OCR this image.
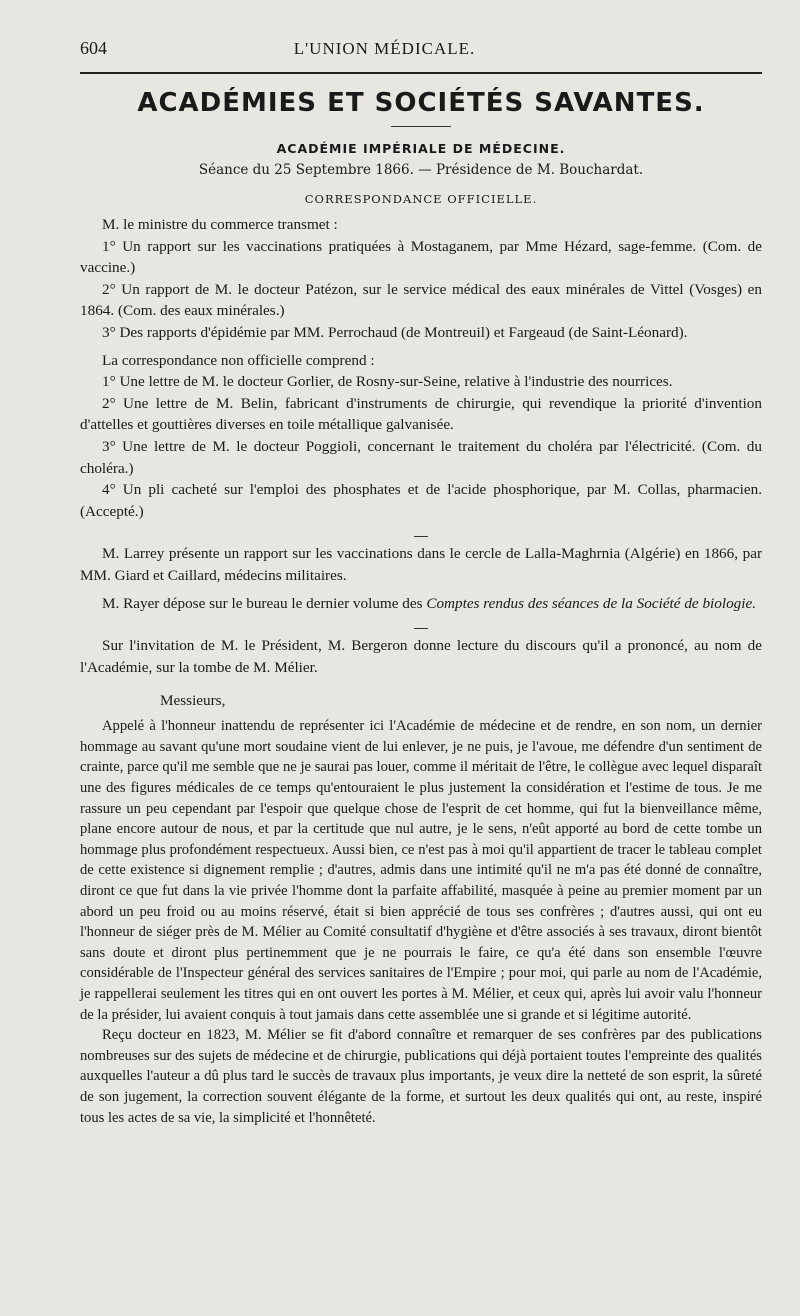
604	L'UNION MÉDICALE.
ACADÉMIES ET SOCIÉTÉS SAVANTES.
ACADÉMIE IMPÉRIALE DE MÉDECINE.
Séance du 25 Septembre 1866. — Présidence de M. Bouchardat.
CORRESPONDANCE OFFICIELLE.

M. le ministre du commerce transmet :

1° Un rapport sur les vaccinations pratiquées à Mostaganem, par Mme Hézard, sage-femme. (Com. de vaccine.)

2° Un rapport de M. le docteur Patézon, sur le service médical des eaux minérales de Vittel (Vosges) en 1864. (Com. des eaux minérales.)

3° Des rapports d'épidémie par MM. Perrochaud (de Montreuil) et Fargeaud (de Saint-Léonard).

La correspondance non officielle comprend :

1° Une lettre de M. le docteur Gorlier, de Rosny-sur-Seine, relative à l'industrie des nourrices.

2° Une lettre de M. Belin, fabricant d'instruments de chirurgie, qui revendique la priorité d'invention d'attelles et gouttières diverses en toile métallique galvanisée.

3° Une lettre de M. le docteur Poggioli, concernant le traitement du choléra par l'électricité. (Com. du choléra.)

4° Un pli cacheté sur l'emploi des phosphates et de l'acide phosphorique, par M. Collas, pharmacien. (Accepté.)

M. Larrey présente un rapport sur les vaccinations dans le cercle de Lalla-Maghrnia (Algérie) en 1866, par MM. Giard et Caillard, médecins militaires.

M. Rayer dépose sur le bureau le dernier volume des Comptes rendus des séances de la Société de biologie.

Sur l'invitation de M. le Président, M. Bergeron donne lecture du discours qu'il a prononcé, au nom de l'Académie, sur la tombe de M. Mélier.

Messieurs,

Appelé à l'honneur inattendu de représenter ici l'Académie de médecine et de rendre, en son nom, un dernier hommage au savant qu'une mort soudaine vient de lui enlever, je ne puis, je l'avoue, me défendre d'un sentiment de crainte, parce qu'il me semble que ne je saurai pas louer, comme il méritait de l'être, le collègue avec lequel disparaît une des figures médicales de ce temps qu'entouraient le plus justement la considération et l'estime de tous. Je me rassure un peu cependant par l'espoir que quelque chose de l'esprit de cet homme, qui fut la bienveillance même, plane encore autour de nous, et par la certitude que nul autre, je le sens, n'eût apporté au bord de cette tombe un hommage plus profondément respectueux. Aussi bien, ce n'est pas à moi qu'il appartient de tracer le tableau complet de cette existence si dignement remplie ; d'autres, admis dans une intimité qu'il ne m'a pas été donné de connaître, diront ce que fut dans la vie privée l'homme dont la parfaite affabilité, masquée à peine au premier moment par un abord un peu froid ou au moins réservé, était si bien apprécié de tous ses confrères ; d'autres aussi, qui ont eu l'honneur de siéger près de M. Mélier au Comité consultatif d'hygiène et d'être associés à ses travaux, diront bientôt sans doute et diront plus pertinemment que je ne pourrais le faire, ce qu'a été dans son ensemble l'œuvre considérable de l'Inspecteur général des services sanitaires de l'Empire ; pour moi, qui parle au nom de l'Académie, je rappellerai seulement les titres qui en ont ouvert les portes à M. Mélier, et ceux qui, après lui avoir valu l'honneur de la présider, lui avaient conquis à tout jamais dans cette assemblée une si grande et si légitime autorité.

Reçu docteur en 1823, M. Mélier se fit d'abord connaître et remarquer de ses confrères par des publications nombreuses sur des sujets de médecine et de chirurgie, publications qui déjà portaient toutes l'empreinte des qualités auxquelles l'auteur a dû plus tard le succès de travaux plus importants, je veux dire la netteté de son esprit, la sûreté de son jugement, la correction souvent élégante de la forme, et surtout les deux qualités qui ont, au reste, inspiré tous les actes de sa vie, la simplicité et l'honnêteté.
